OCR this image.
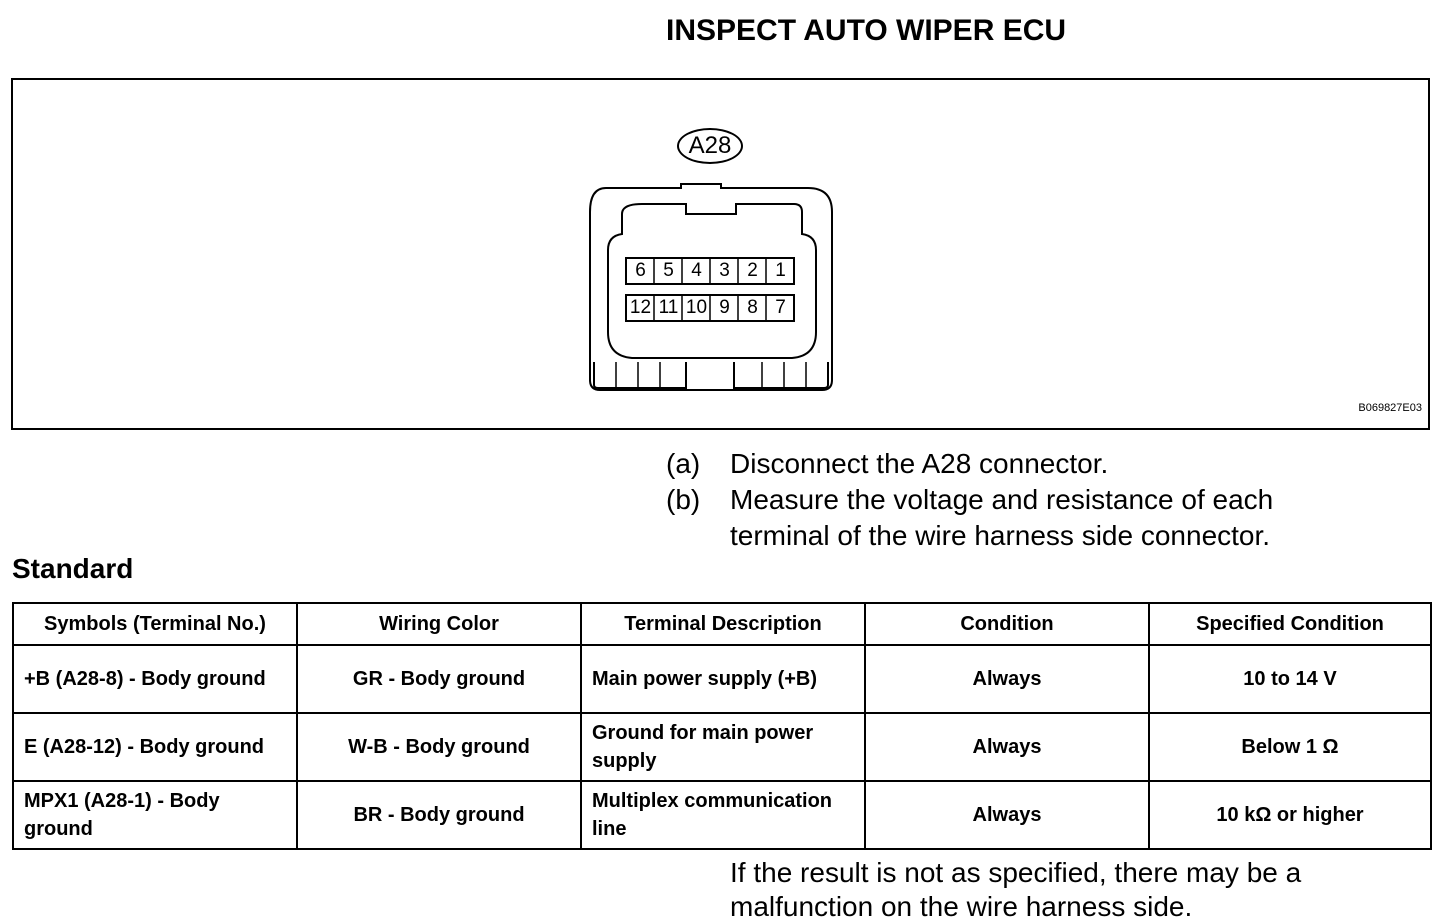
INSPECT AUTO WIPER ECU
B069827E03
A28
6 5 4 3 2 1
12 11 10 9 8 7
(a) Disconnect the A28 connector.
(b) Measure the voltage and resistance of each
terminal of the wire harness side connector.
Standard
Symbols (Terminal No.)	Wiring Color	Terminal Description	Condition	Specified Condition
+B (A28-8) - Body ground	GR - Body ground	Main power supply (+B)	Always	10 to 14 V
E (A28-12) - Body ground	W-B - Body ground	Ground for main power supply	Always	Below 1 Ω
MPX1 (A28-1) - Body ground	BR - Body ground	Multiplex communication line	Always	10 kΩ or higher
If the result is not as specified, there may be a
malfunction on the wire harness side.
